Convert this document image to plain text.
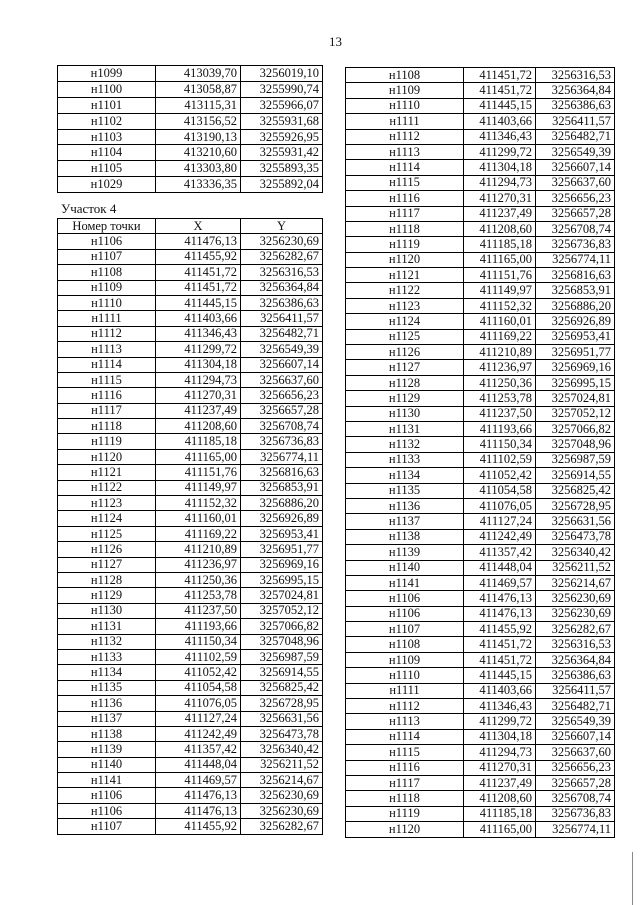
13
н1099	413039,70	3256019,10
н1100	413058,87	3255990,74
н1101	413115,31	3255966,07
н1102	413156,52	3255931,68
н1103	413190,13	3255926,95
н1104	413210,60	3255931,42
н1105	413303,80	3255893,35
н1029	413336,35	3255892,04
Участок 4
Номер точки	X	Y
н1106	411476,13	3256230,69
н1107	411455,92	3256282,67
н1108	411451,72	3256316,53
н1109	411451,72	3256364,84
н1110	411445,15	3256386,63
н1111	411403,66	3256411,57
н1112	411346,43	3256482,71
н1113	411299,72	3256549,39
н1114	411304,18	3256607,14
н1115	411294,73	3256637,60
н1116	411270,31	3256656,23
н1117	411237,49	3256657,28
н1118	411208,60	3256708,74
н1119	411185,18	3256736,83
н1120	411165,00	3256774,11
н1121	411151,76	3256816,63
н1122	411149,97	3256853,91
н1123	411152,32	3256886,20
н1124	411160,01	3256926,89
н1125	411169,22	3256953,41
н1126	411210,89	3256951,77
н1127	411236,97	3256969,16
н1128	411250,36	3256995,15
н1129	411253,78	3257024,81
н1130	411237,50	3257052,12
н1131	411193,66	3257066,82
н1132	411150,34	3257048,96
н1133	411102,59	3256987,59
н1134	411052,42	3256914,55
н1135	411054,58	3256825,42
н1136	411076,05	3256728,95
н1137	411127,24	3256631,56
н1138	411242,49	3256473,78
н1139	411357,42	3256340,42
н1140	411448,04	3256211,52
н1141	411469,57	3256214,67
н1106	411476,13	3256230,69
н1106	411476,13	3256230,69
н1107	411455,92	3256282,67
н1108	411451,72	3256316,53
н1109	411451,72	3256364,84
н1110	411445,15	3256386,63
н1111	411403,66	3256411,57
н1112	411346,43	3256482,71
н1113	411299,72	3256549,39
н1114	411304,18	3256607,14
н1115	411294,73	3256637,60
н1116	411270,31	3256656,23
н1117	411237,49	3256657,28
н1118	411208,60	3256708,74
н1119	411185,18	3256736,83
н1120	411165,00	3256774,11
н1121	411151,76	3256816,63
н1122	411149,97	3256853,91
н1123	411152,32	3256886,20
н1124	411160,01	3256926,89
н1125	411169,22	3256953,41
н1126	411210,89	3256951,77
н1127	411236,97	3256969,16
н1128	411250,36	3256995,15
н1129	411253,78	3257024,81
н1130	411237,50	3257052,12
н1131	411193,66	3257066,82
н1132	411150,34	3257048,96
н1133	411102,59	3256987,59
н1134	411052,42	3256914,55
н1135	411054,58	3256825,42
н1136	411076,05	3256728,95
н1137	411127,24	3256631,56
н1138	411242,49	3256473,78
н1139	411357,42	3256340,42
н1140	411448,04	3256211,52
н1141	411469,57	3256214,67
н1106	411476,13	3256230,69
н1106	411476,13	3256230,69
н1107	411455,92	3256282,67
н1108	411451,72	3256316,53
н1109	411451,72	3256364,84
н1110	411445,15	3256386,63
н1111	411403,66	3256411,57
н1112	411346,43	3256482,71
н1113	411299,72	3256549,39
н1114	411304,18	3256607,14
н1115	411294,73	3256637,60
н1116	411270,31	3256656,23
н1117	411237,49	3256657,28
н1118	411208,60	3256708,74
н1119	411185,18	3256736,83
н1120	411165,00	3256774,11
